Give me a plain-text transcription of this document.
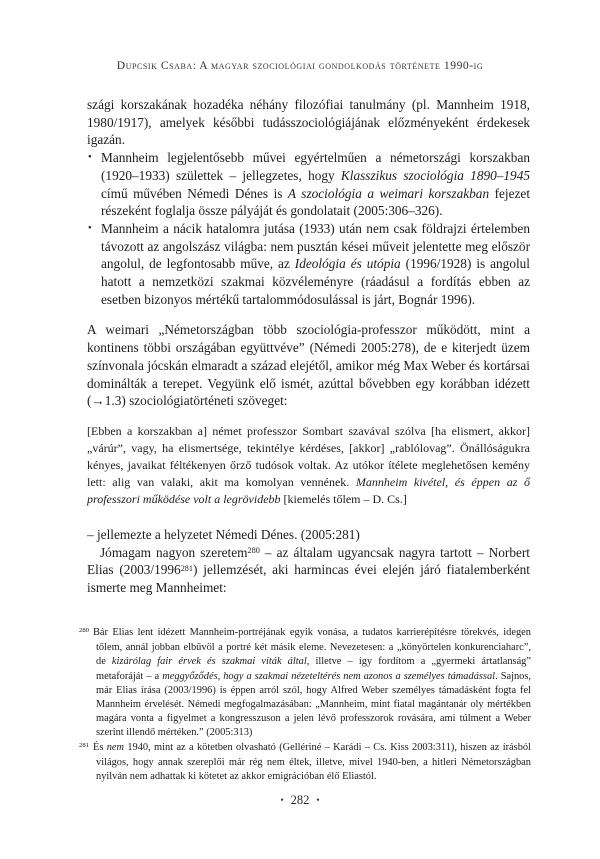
Dupcsik Csaba: A magyar szociológiai gondolkodás története 1990-ig

szági korszakának hozadéka néhány filozófiai tanulmány (pl. Mannheim 1918, 1980/1917), amelyek későbbi tudásszociológiájának előzményeként érdekesek igazán.

• Mannheim legjelentősebb művei egyértelműen a németországi korszakban (1920–1933) születtek – jellegzetes, hogy Klasszikus szociológia 1890–1945 című művében Némedi Dénes is A szociológia a weimari korszakban fejezet részeként foglalja össze pályáját és gondolatait (2005:306–326).
• Mannheim a nácik hatalomra jutása (1933) után nem csak földrajzi értelemben távozott az angolszász világba: nem pusztán kései műveit jelentette meg először angolul, de legfontosabb műve, az Ideológia és utópia (1996/1928) is angolul hatott a nemzetközi szakmai közvéleményre (ráadásul a fordítás ebben az esetben bizonyos mértékű tartalommódosulással is járt, Bognár 1996).

A weimari „Németországban több szociológia-professzor működött, mint a kontinens többi országában együttvéve” (Némedi 2005:278), de e kiterjedt üzem színvonala jócskán elmaradt a század elejétől, amikor még Max Weber és kortársai dominálták a terepet. Vegyünk elő ismét, azúttal bővebben egy korábban idézett (→1.3) szociológiatörténeti szöveget:

[Ebben a korszakban a] német professzor Sombart szavával szólva [ha elismert, akkor] „várúr”, vagy, ha elismertsége, tekintélye kérdéses, [akkor] „rablólovag”. Önállóságukra kényes, javaikat féltékenyen őrző tudósok voltak. Az utókor ítélete meglehetősen kemény lett: alig van valaki, akit ma komolyan vennének. Mannheim kivétel, és éppen az ő professzori működése volt a legrövidebb [kiemelés tőlem – D. Cs.]

– jellemezte a helyzetet Némedi Dénes. (2005:281)

Jómagam nagyon szeretem$^{280}$ – az általam ugyancsak nagyra tartott – Norbert Elias (2003/1996$^{281}$) jellemzését, aki harmincas évei elején járó fiatalemberként ismerte meg Mannheimet:

$^{280}$ Bár Elias lent idézett Mannheim-portréjának egyik vonása, a tudatos karrierépítésre törekvés, idegen tőlem, annál jobban elbűvöl a portré két másik eleme. Nevezetesen: a „könyörtelen konkurenciaharc”, de kizárólag fair érvek és szakmai viták által, illetve – így fordítom a „gyermeki ártatlanság” metaforáját – a meggyőződés, hogy a szakmai nézeteltérés nem azonos a személyes támadással. Sajnos, már Elias írása (2003/1996) is éppen arról szól, hogy Alfred Weber személyes támadásként fogta fel Mannheim érvelését. Némedi megfogalmazásában: „Mannheim, mint fiatal magántanár oly mértékben magára vonta a figyelmet a kongresszuson a jelen lévő professzorok rovására, ami túlment a Weber szerint illendő mértéken.” (2005:313)
$^{281}$ És nem 1940, mint az a kötetben olvasható (Gellériné – Karádi – Cs. Kiss 2003:311), hiszen az írásból világos, hogy annak szereplői már rég nem éltek, illetve, mivel 1940-ben, a hitleri Németországban nyilván nem adhattak ki kötetet az akkor emigrációban élő Eliastól.
• 282 •
